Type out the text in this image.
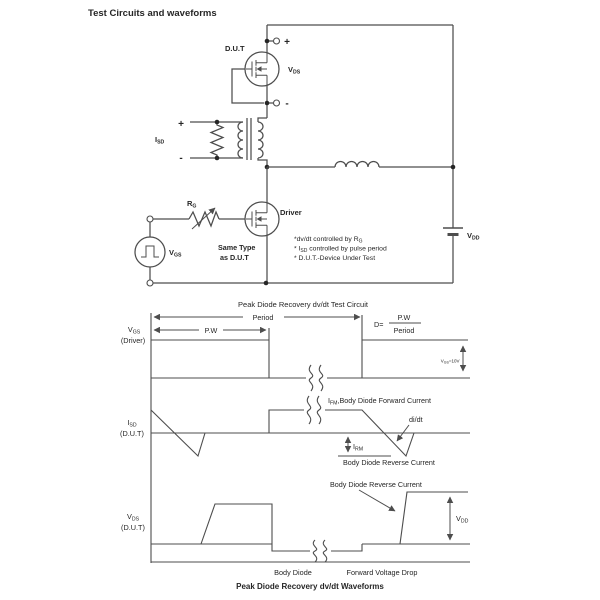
Test Circuits and waveforms
+
-
D.U.T
$V_{DS}$
+
-
$I_{SD}$
$V_{DD}$
Driver
$R_G$
$V_{GS}$
Same Type
as D.U.T
*dv/dt controlled by $R_G$
* $I_{SD}$ controlled by pulse period
* D.U.T.-Device Under Test
Peak Diode Recovery dv/dt Test Circuit
Period
P.W
D=
P.W
Period
$V_{GS}=10V$
$V_{GS}$
(Driver)
$I_{FM},Body$ Diode Forward Current
di/dt
$I_{RM}$
Body Diode Reverse Current
$I_{SD}$
(D.U.T)
Body Diode Reverse Current
$V_{DD}$
$V_{DS}$
(D.U.T)
Body Diode	Forward Voltage Drop
Peak Diode Recovery dv/dt Waveforms
